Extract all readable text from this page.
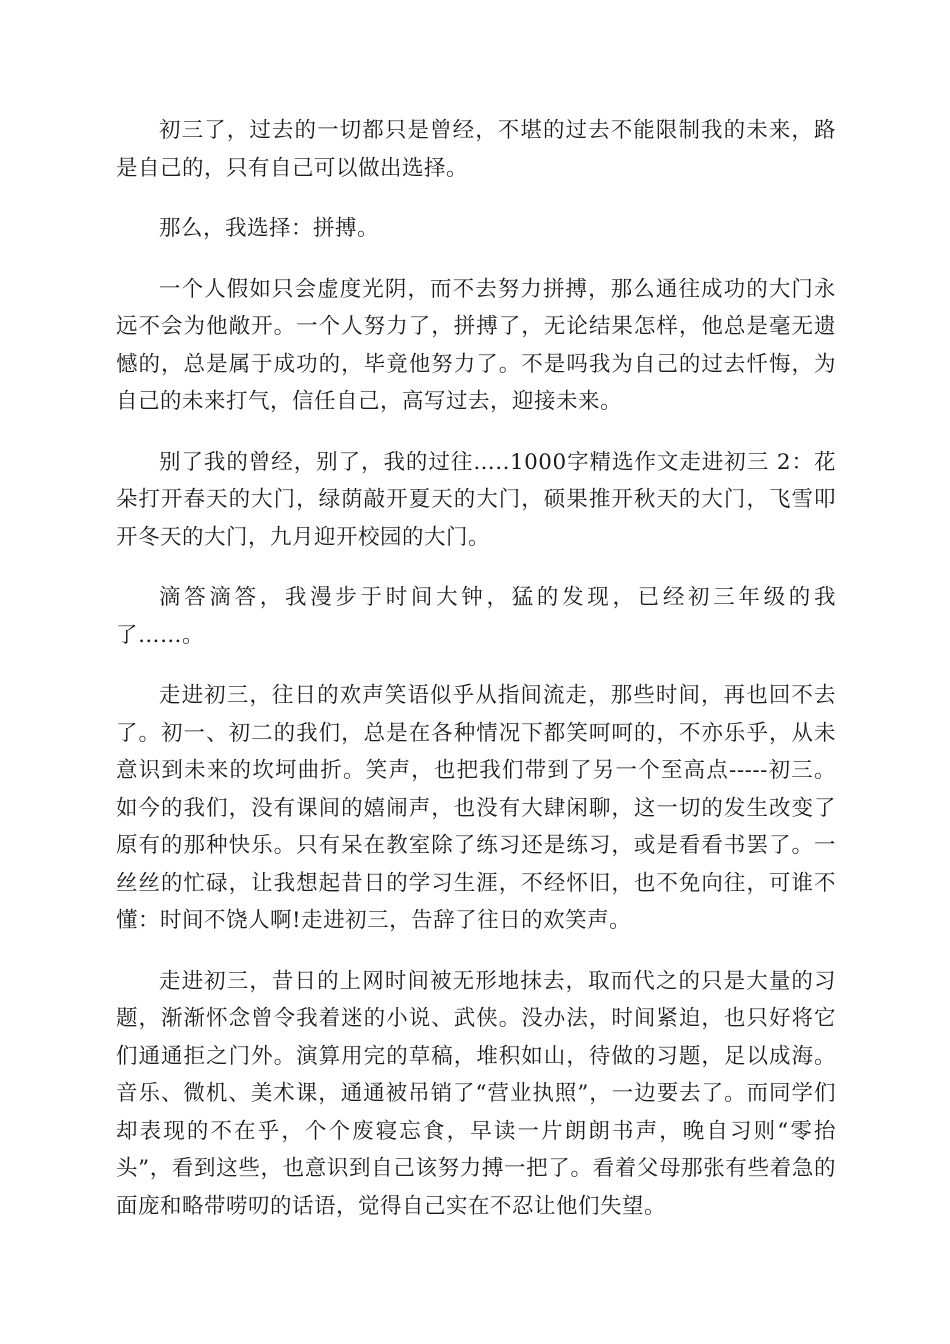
初三了，过去的一切都只是曾经，不堪的过去不能限制我的未来，路是自己的，只有自己可以做出选择。

那么，我选择：拼搏。

一个人假如只会虚度光阴，而不去努力拼搏，那么通往成功的大门永远不会为他敞开。一个人努力了，拼搏了，无论结果怎样，他总是毫无遗憾的，总是属于成功的，毕竟他努力了。不是吗我为自己的过去忏悔，为自己的未来打气，信任自己，高写过去，迎接未来。

别了我的曾经，别了，我的过往…..1000字精选作文走进初三 2：花朵打开春天的大门，绿荫敲开夏天的大门，硕果推开秋天的大门，飞雪叩开冬天的大门，九月迎开校园的大门。

滴答滴答，我漫步于时间大钟，猛的发现，已经初三年级的我了……。

走进初三，往日的欢声笑语似乎从指间流走，那些时间，再也回不去了。初一、初二的我们，总是在各种情况下都笑呵呵的，不亦乐乎，从未意识到未来的坎坷曲折。笑声，也把我们带到了另一个至高点-----初三。如今的我们，没有课间的嬉闹声，也没有大肆闲聊，这一切的发生改变了原有的那种快乐。只有呆在教室除了练习还是练习，或是看看书罢了。一丝丝的忙碌，让我想起昔日的学习生涯，不经怀旧，也不免向往，可谁不懂：时间不饶人啊!走进初三，告辞了往日的欢笑声。

走进初三，昔日的上网时间被无形地抹去，取而代之的只是大量的习题，渐渐怀念曾令我着迷的小说、武侠。没办法，时间紧迫，也只好将它们通通拒之门外。演算用完的草稿，堆积如山，待做的习题，足以成海。音乐、微机、美术课，通通被吊销了“营业执照”，一边要去了。而同学们却表现的不在乎，个个废寝忘食，早读一片朗朗书声，晚自习则“零抬头”，看到这些，也意识到自己该努力搏一把了。看着父母那张有些着急的面庞和略带唠叨的话语，觉得自己实在不忍让他们失望。
